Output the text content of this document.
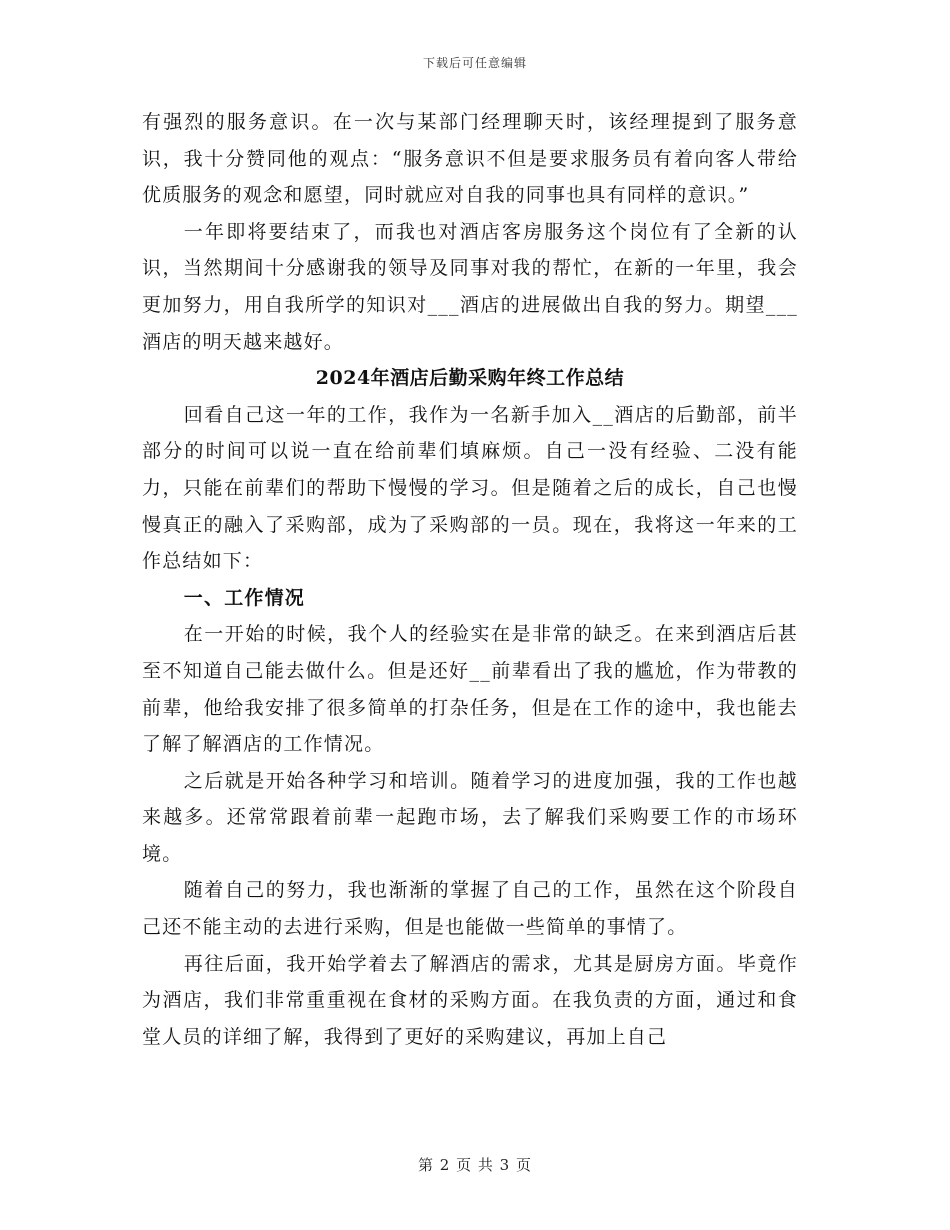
下载后可任意编辑

有强烈的服务意识。在一次与某部门经理聊天时，该经理提到了服务意识，我十分赞同他的观点：“服务意识不但是要求服务员有着向客人带给优质服务的观念和愿望，同时就应对自我的同事也具有同样的意识。”

一年即将要结束了，而我也对酒店客房服务这个岗位有了全新的认识，当然期间十分感谢我的领导及同事对我的帮忙，在新的一年里，我会更加努力，用自我所学的知识对___酒店的进展做出自我的努力。期望___酒店的明天越来越好。

2024年酒店后勤采购年终工作总结

回看自己这一年的工作，我作为一名新手加入__酒店的后勤部，前半部分的时间可以说一直在给前辈们填麻烦。自己一没有经验、二没有能力，只能在前辈们的帮助下慢慢的学习。但是随着之后的成长，自己也慢慢真正的融入了采购部，成为了采购部的一员。现在，我将这一年来的工作总结如下：

一、工作情况

在一开始的时候，我个人的经验实在是非常的缺乏。在来到酒店后甚至不知道自己能去做什么。但是还好__前辈看出了我的尴尬，作为带教的前辈，他给我安排了很多简单的打杂任务，但是在工作的途中，我也能去了解了解酒店的工作情况。

之后就是开始各种学习和培训。随着学习的进度加强，我的工作也越来越多。还常常跟着前辈一起跑市场，去了解我们采购要工作的市场环境。

随着自己的努力，我也渐渐的掌握了自己的工作，虽然在这个阶段自己还不能主动的去进行采购，但是也能做一些简单的事情了。

再往后面，我开始学着去了解酒店的需求，尤其是厨房方面。毕竟作为酒店，我们非常重重视在食材的采购方面。在我负责的方面，通过和食堂人员的详细了解，我得到了更好的采购建议，再加上自己

第 2 页 共 3 页
